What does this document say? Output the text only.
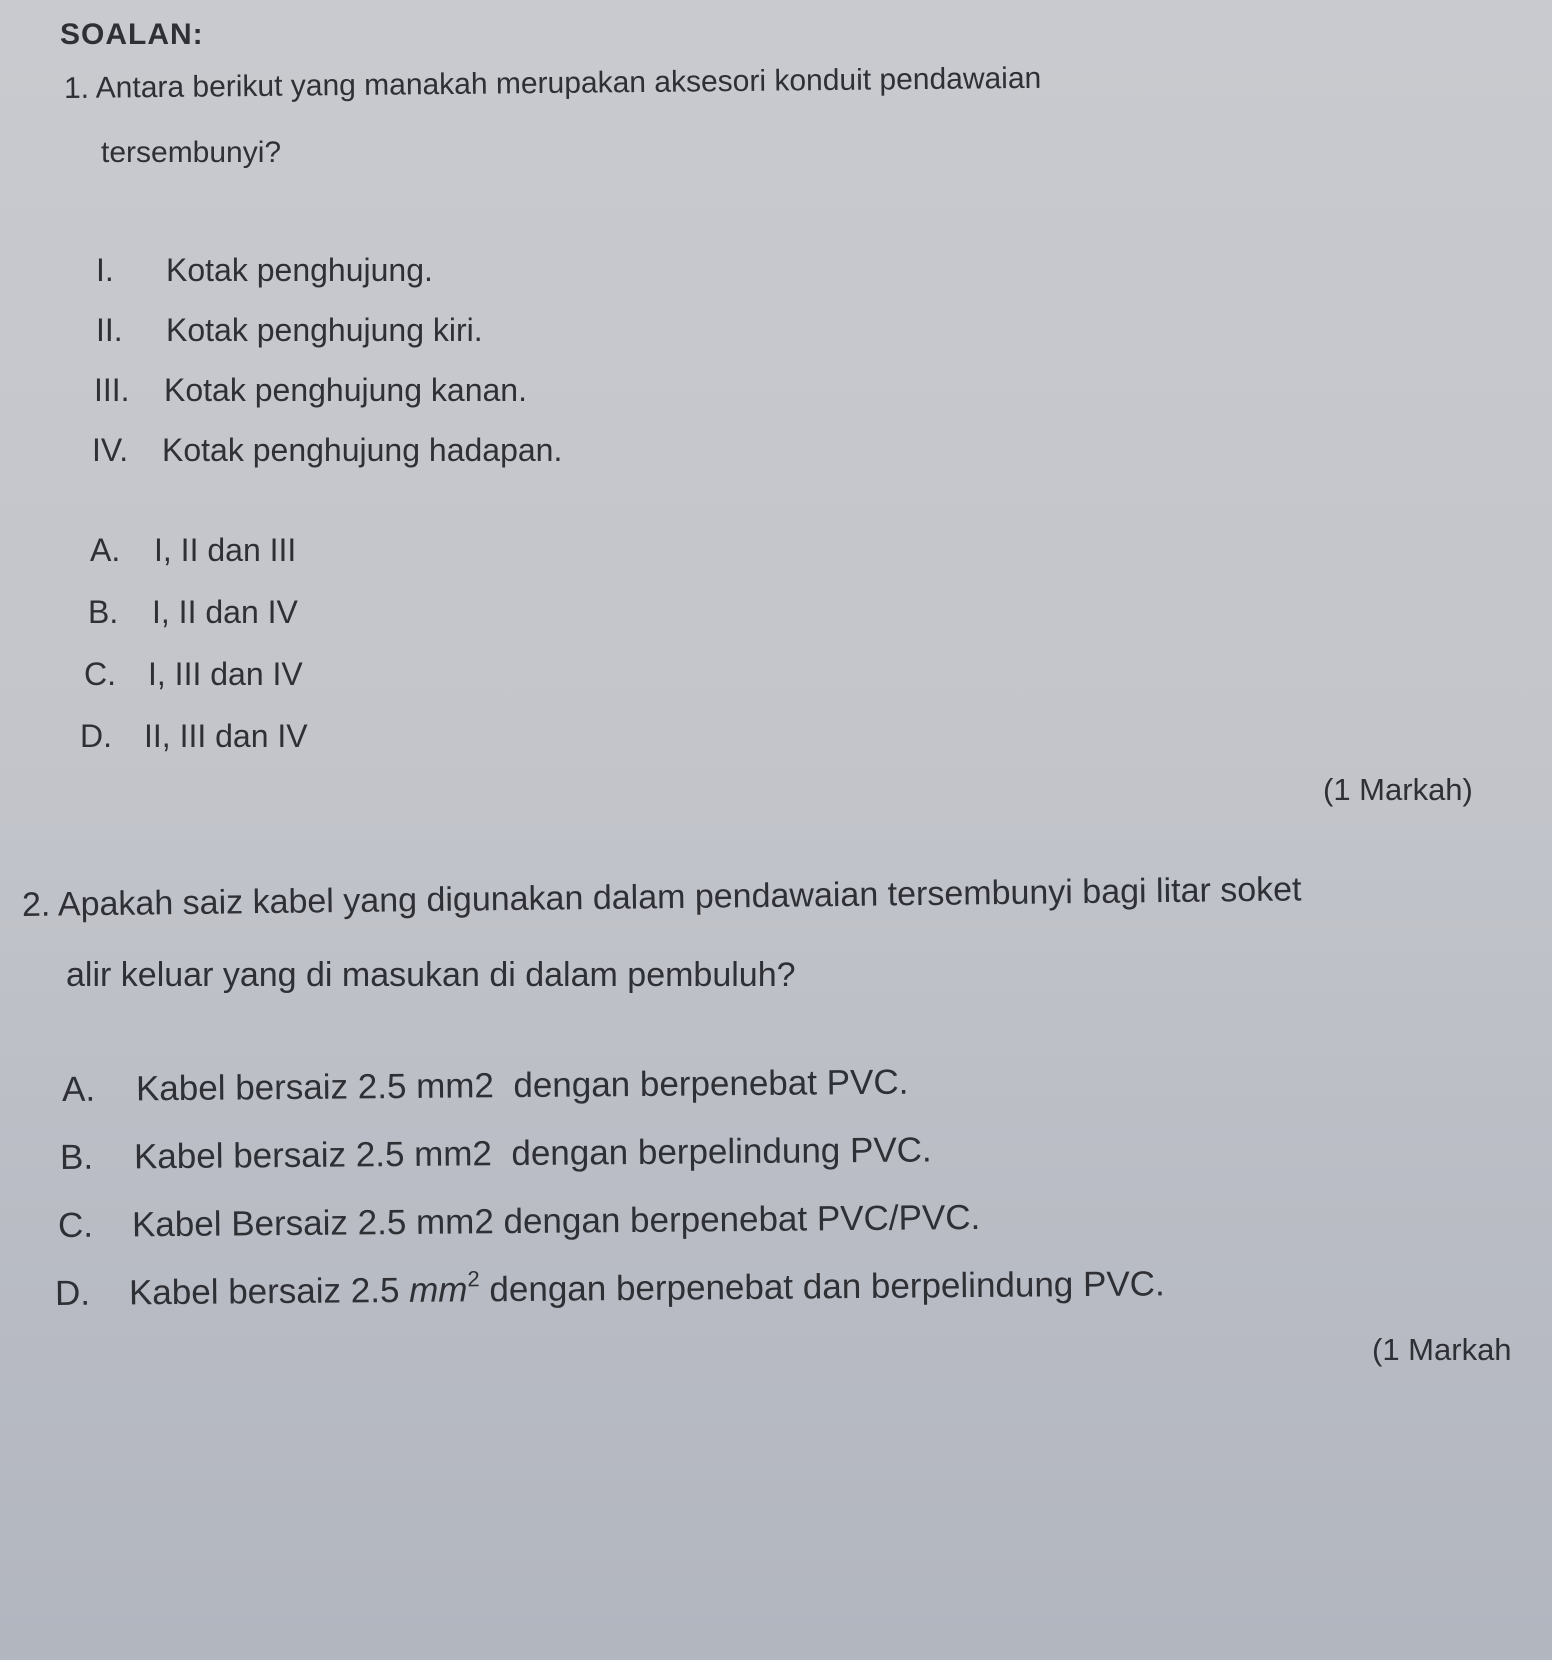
SOALAN:
1. Antara berikut yang manakah merupakan aksesori konduit pendawaian
tersembunyi?
I. Kotak penghujung.
II. Kotak penghujung kiri.
III. Kotak penghujung kanan.
IV. Kotak penghujung hadapan.
A. I, II dan III
B. I, II dan IV
C. I, III dan IV
D. II, III dan IV
(1 Markah)
2. Apakah saiz kabel yang digunakan dalam pendawaian tersembunyi bagi litar soket
alir keluar yang di masukan di dalam pembuluh?
A. Kabel bersaiz 2.5 mm2  dengan berpenebat PVC.
B. Kabel bersaiz 2.5 mm2  dengan berpelindung PVC.
C. Kabel Bersaiz 2.5 mm2 dengan berpenebat PVC/PVC.
D. Kabel bersaiz 2.5 $mm^2$ dengan berpenebat dan berpelindung PVC.
(1 Markah
